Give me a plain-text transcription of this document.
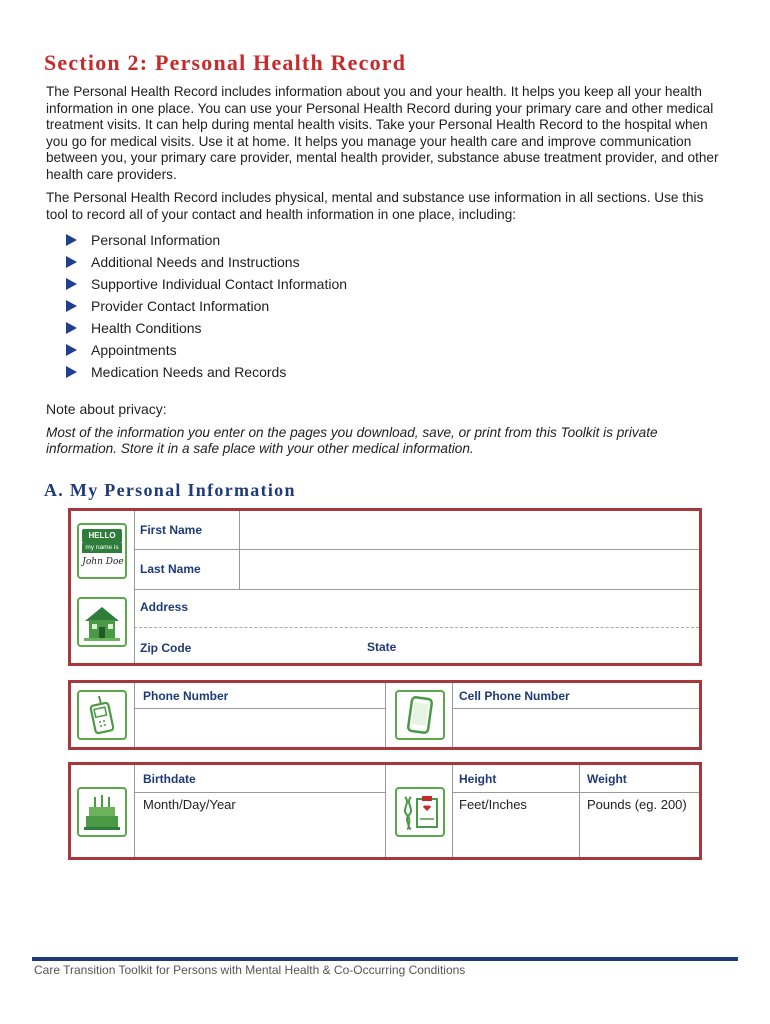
Section 2: Personal Health Record

The Personal Health Record includes information about you and your health. It helps you keep all your health information in one place. You can use your Personal Health Record during your primary care and other medical treatment visits. It can help during mental health visits. Take your Personal Health Record to the hospital when you go for medical visits. Use it at home. It helps you manage your health care and improve communication between you, your primary care provider, mental health provider, substance abuse treatment provider, and other health care providers.

The Personal Health Record includes physical, mental and substance use information in all sections. Use this tool to record all of your contact and health information in one place, including:

Personal Information
Additional Needs and Instructions
Supportive Individual Contact Information
Provider Contact Information
Health Conditions
Appointments
Medication Needs and Records
Note about privacy:
Most of the information you enter on the pages you download, save, or print from this Toolkit is private information. Store it in a safe place with your other medical information.
A. My Personal Information
HELLO
my name is
John Doe
First Name
Last Name
Address
Zip Code	State
Phone Number	Cell Phone Number
Birthdate
Month/Day/Year
Height
Feet/Inches
Weight
Pounds (eg. 200)
Care Transition Toolkit for Persons with Mental Health & Co-Occurring Conditions
